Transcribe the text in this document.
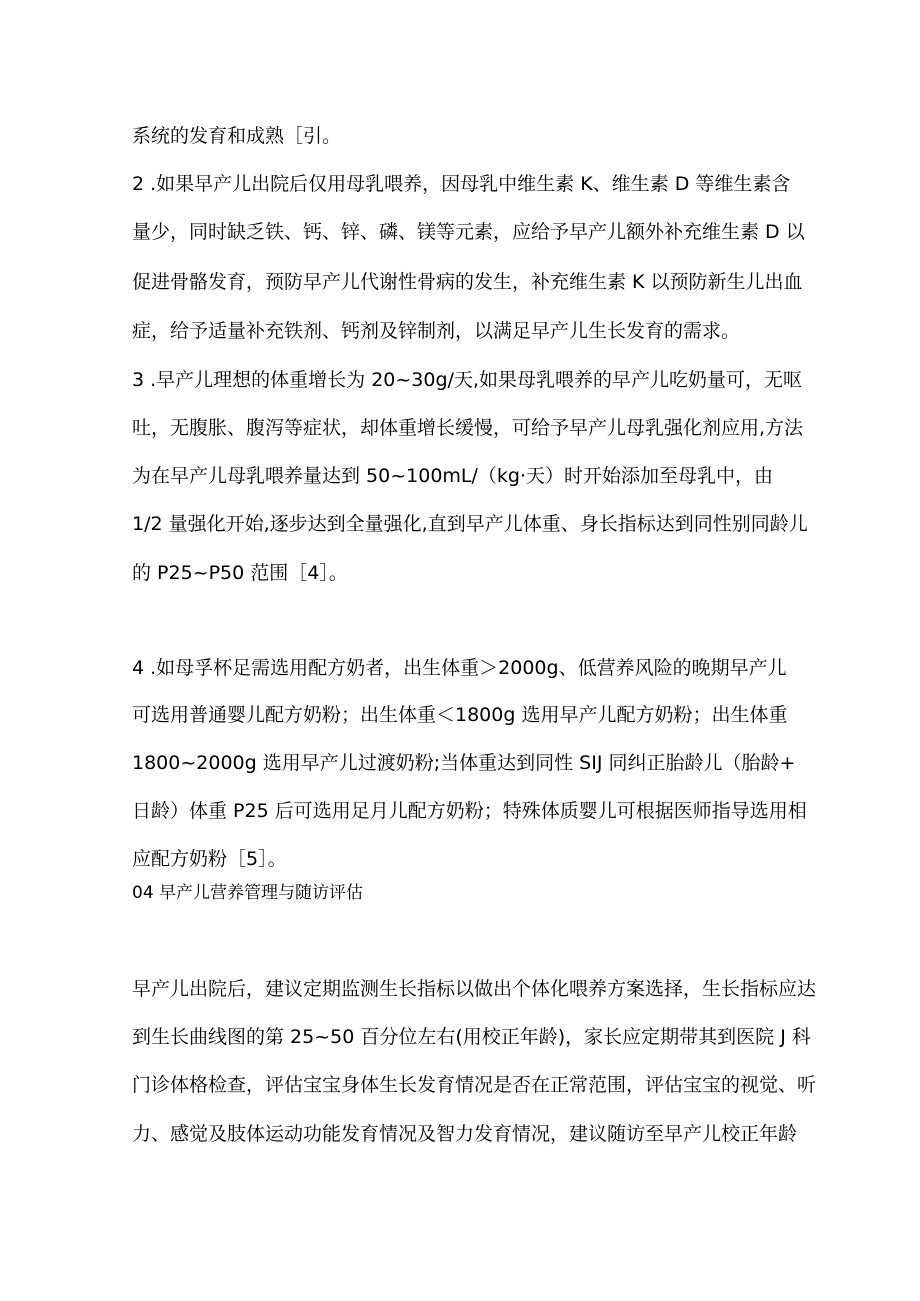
系统的发育和成熟［引。
2 .如果早产儿出院后仅用母乳喂养，因母乳中维生素 K、维生素 D 等维生素含
量少，同时缺乏铁、钙、锌、磷、镁等元素，应给予早产儿额外补充维生素 D 以
促进骨骼发育，预防早产儿代谢性骨病的发生，补充维生素 K 以预防新生儿出血
症，给予适量补充铁剂、钙剂及锌制剂，以满足早产儿生长发育的需求。
3 .早产儿理想的体重增长为 20~30g/天,如果母乳喂养的早产儿吃奶量可，无呕
吐，无腹胀、腹泻等症状，却体重增长缓慢，可给予早产儿母乳强化剂应用,方法
为在早产儿母乳喂养量达到 50~100mL∕（kg·天）时开始添加至母乳中，由
1/2 量强化开始,逐步达到全量强化,直到早产儿体重、身长指标达到同性别同龄儿
的 P25~P50 范围［4］。
4 .如母孚杯足需选用配方奶者，出生体重＞2000g、低营养风险的晚期早产儿
可选用普通婴儿配方奶粉；出生体重＜1800g 选用早产儿配方奶粉；出生体重
1800~2000g 选用早产儿过渡奶粉;当体重达到同性 SIJ 同纠正胎龄儿（胎龄+
日龄）体重 P25 后可选用足月儿配方奶粉；特殊体质婴儿可根据医师指导选用相
应配方奶粉［5］。
04 早产儿营养管理与随访评估
早产儿出院后，建议定期监测生长指标以做出个体化喂养方案选择，生长指标应达
到生长曲线图的第 25~50 百分位左右(用校正年龄)，家长应定期带其到医院 J 科
门诊体格检查，评估宝宝身体生长发育情况是否在正常范围，评估宝宝的视觉、听
力、感觉及肢体运动功能发育情况及智力发育情况，建议随访至早产儿校正年龄
